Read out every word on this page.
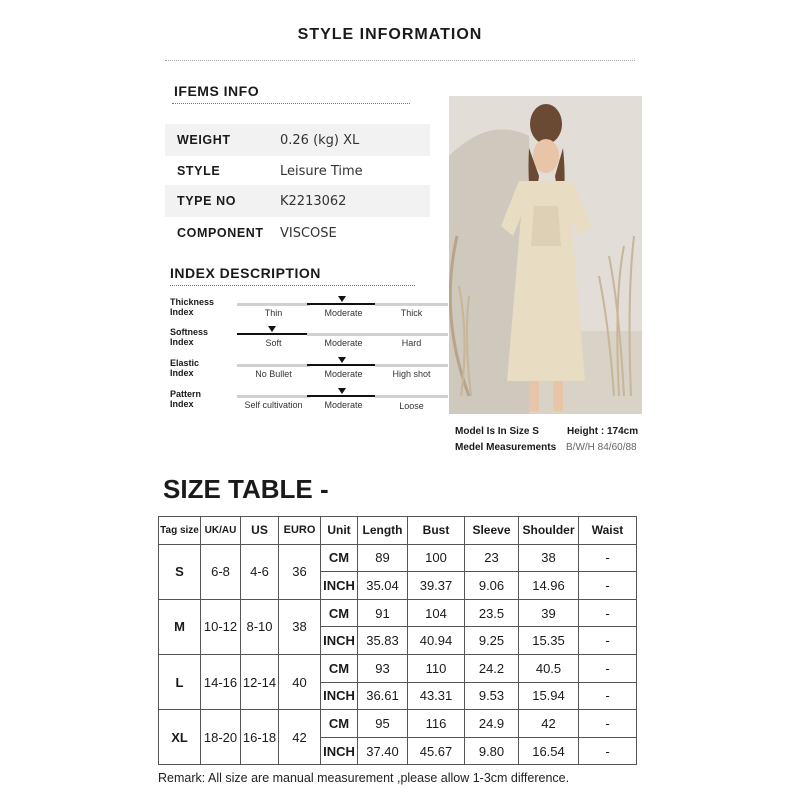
STYLE INFORMATION
IFEMS INFO
WEIGHT	0.26 (kg) XL
STYLE	Leisure Time
TYPE NO	K2213062
COMPONENT	VISCOSE
INDEX DESCRIPTION
Thickness
Index	Thin	Moderate	Thick
Softness
Index	Soft	Moderate	Hard
Elastic
Index	No Bullet	Moderate	High shot
Pattern
Index	Self cultivation	Moderate	Loose
Model Is In Size S
Medel Measurements
Height : 174cm
B/W/H 84/60/88
SIZE TABLE -
Tag size	UK/AU	US	EURO	Unit	Length	Bust	Sleeve	Shoulder	Waist
S	6-8	4-6	36	CM	89	100	23	38	-
				INCH	35.04	39.37	9.06	14.96	-
M	10-12	8-10	38	CM	91	104	23.5	39	-
				INCH	35.83	40.94	9.25	15.35	-
L	14-16	12-14	40	CM	93	110	24.2	40.5	-
				INCH	36.61	43.31	9.53	15.94	-
XL	18-20	16-18	42	CM	95	116	24.9	42	-
				INCH	37.40	45.67	9.80	16.54	-
Remark: All size are manual measurement ,please allow 1-3cm difference.
